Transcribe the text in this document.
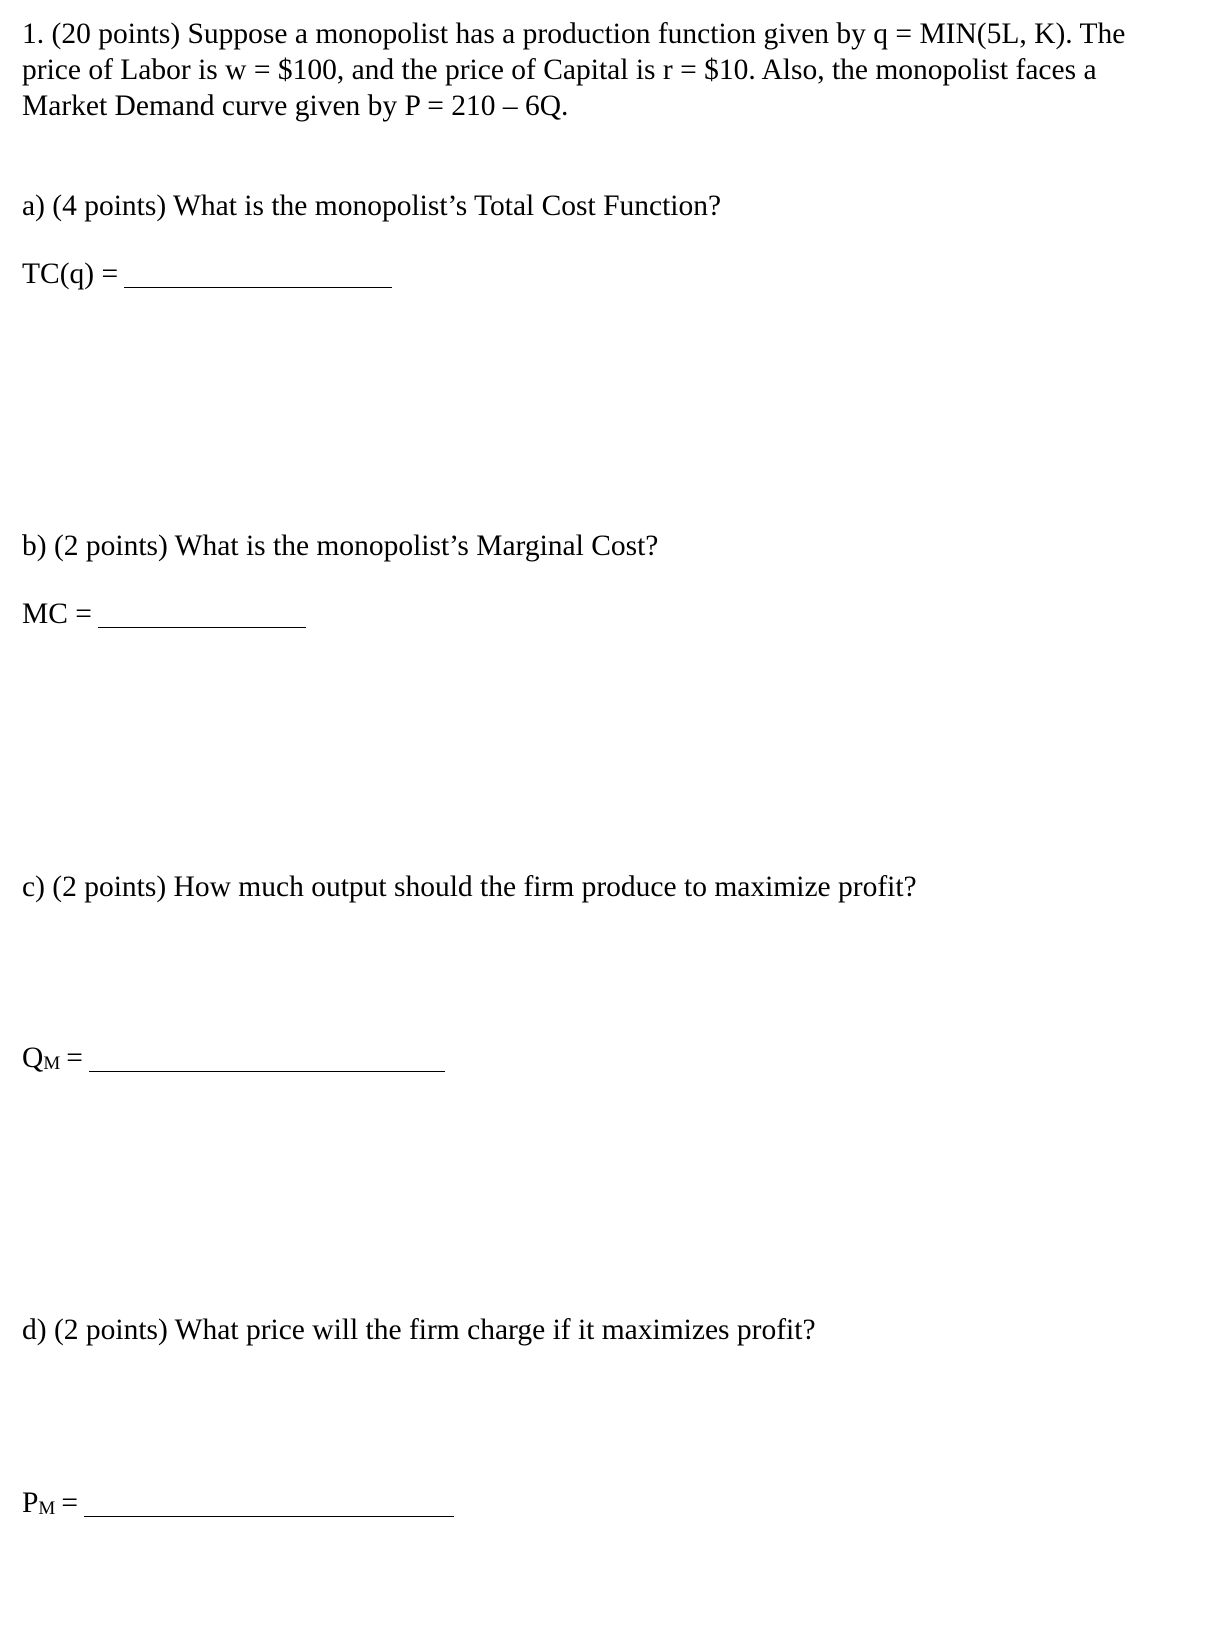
1. (20 points) Suppose a monopolist has a production function given by q = MIN(5L, K). The
price of Labor is w = $100, and the price of Capital is r = $10. Also, the monopolist faces a
Market Demand curve given by P = 210 – 6Q.

a) (4 points) What is the monopolist’s Total Cost Function?

TC(q) =

b) (2 points) What is the monopolist’s Marginal Cost?

MC =

c) (2 points) How much output should the firm produce to maximize profit?

$Q^M$ =

d) (2 points) What price will the firm charge if it maximizes profit?

$P^M$ =
